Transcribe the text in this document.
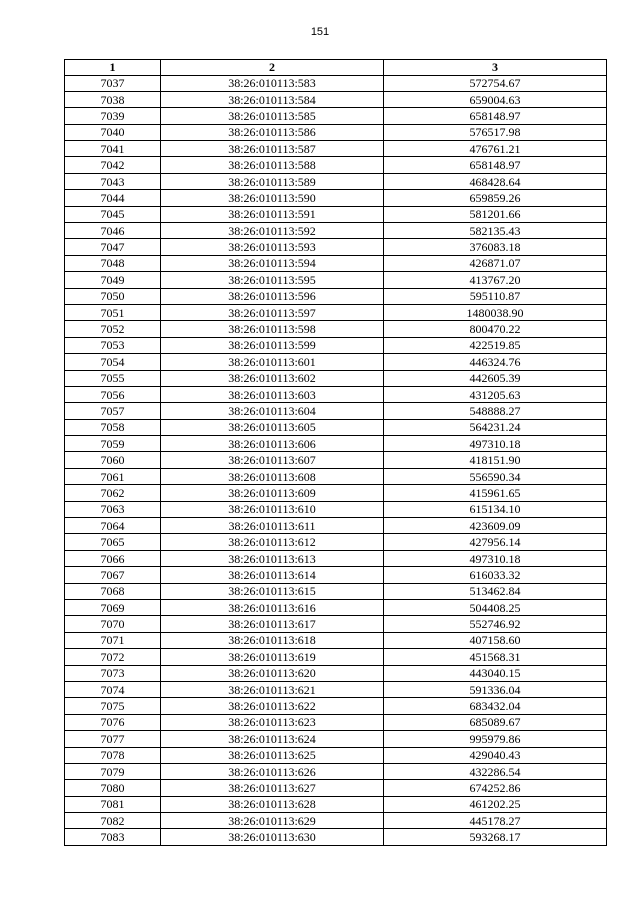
151
1	2	3
7037	38:26:010113:583	572754.67
7038	38:26:010113:584	659004.63
7039	38:26:010113:585	658148.97
7040	38:26:010113:586	576517.98
7041	38:26:010113:587	476761.21
7042	38:26:010113:588	658148.97
7043	38:26:010113:589	468428.64
7044	38:26:010113:590	659859.26
7045	38:26:010113:591	581201.66
7046	38:26:010113:592	582135.43
7047	38:26:010113:593	376083.18
7048	38:26:010113:594	426871.07
7049	38:26:010113:595	413767.20
7050	38:26:010113:596	595110.87
7051	38:26:010113:597	1480038.90
7052	38:26:010113:598	800470.22
7053	38:26:010113:599	422519.85
7054	38:26:010113:601	446324.76
7055	38:26:010113:602	442605.39
7056	38:26:010113:603	431205.63
7057	38:26:010113:604	548888.27
7058	38:26:010113:605	564231.24
7059	38:26:010113:606	497310.18
7060	38:26:010113:607	418151.90
7061	38:26:010113:608	556590.34
7062	38:26:010113:609	415961.65
7063	38:26:010113:610	615134.10
7064	38:26:010113:611	423609.09
7065	38:26:010113:612	427956.14
7066	38:26:010113:613	497310.18
7067	38:26:010113:614	616033.32
7068	38:26:010113:615	513462.84
7069	38:26:010113:616	504408.25
7070	38:26:010113:617	552746.92
7071	38:26:010113:618	407158.60
7072	38:26:010113:619	451568.31
7073	38:26:010113:620	443040.15
7074	38:26:010113:621	591336.04
7075	38:26:010113:622	683432.04
7076	38:26:010113:623	685089.67
7077	38:26:010113:624	995979.86
7078	38:26:010113:625	429040.43
7079	38:26:010113:626	432286.54
7080	38:26:010113:627	674252.86
7081	38:26:010113:628	461202.25
7082	38:26:010113:629	445178.27
7083	38:26:010113:630	593268.17
